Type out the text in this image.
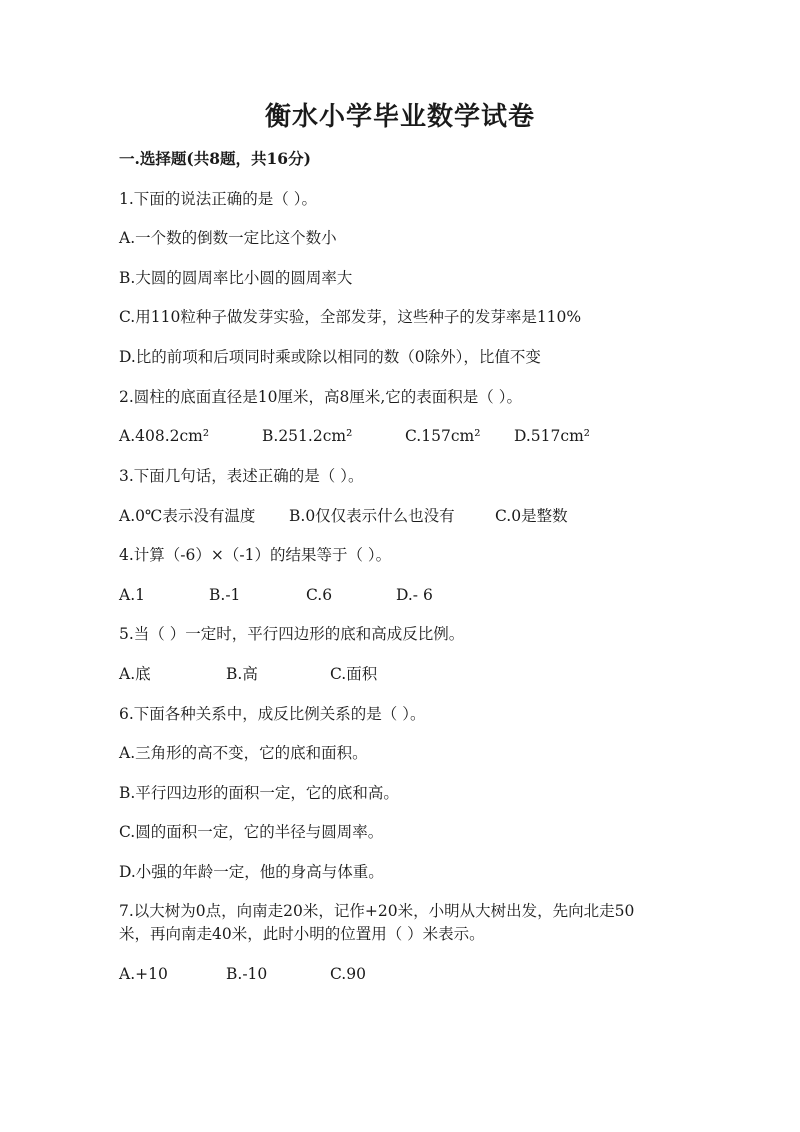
衡水小学毕业数学试卷
一.选择题(共8题，共16分)
1.下面的说法正确的是（ ）。
A.一个数的倒数一定比这个数小
B.大圆的圆周率比小圆的圆周率大
C.用110粒种子做发芽实验，全部发芽，这些种子的发芽率是110%
D.比的前项和后项同时乘或除以相同的数（0除外），比值不变
2.圆柱的底面直径是10厘米，高8厘米,它的表面积是（ ）。
A.408.2cm²	B.251.2cm²	C.157cm² D.517cm²
3.下面几句话，表述正确的是（ ）。
A.0℃表示没有温度 B.0仅仅表示什么也没有	C.0是整数
4.计算（-6）×（-1）的结果等于（ ）。
A.1	B.-1	C.6	D.- 6
5.当（ ）一定时，平行四边形的底和高成反比例。
A.底	B.高	C.面积
6.下面各种关系中，成反比例关系的是（ ）。
A.三角形的高不变，它的底和面积。
B.平行四边形的面积一定，它的底和高。
C.圆的面积一定，它的半径与圆周率。
D.小强的年龄一定，他的身高与体重。
7.以大树为0点，向南走20米，记作+20米，小明从大树出发，先向北走50米，再向南走40米，此时小明的位置用（ ）米表示。
A.+10	B.-10	C.90
